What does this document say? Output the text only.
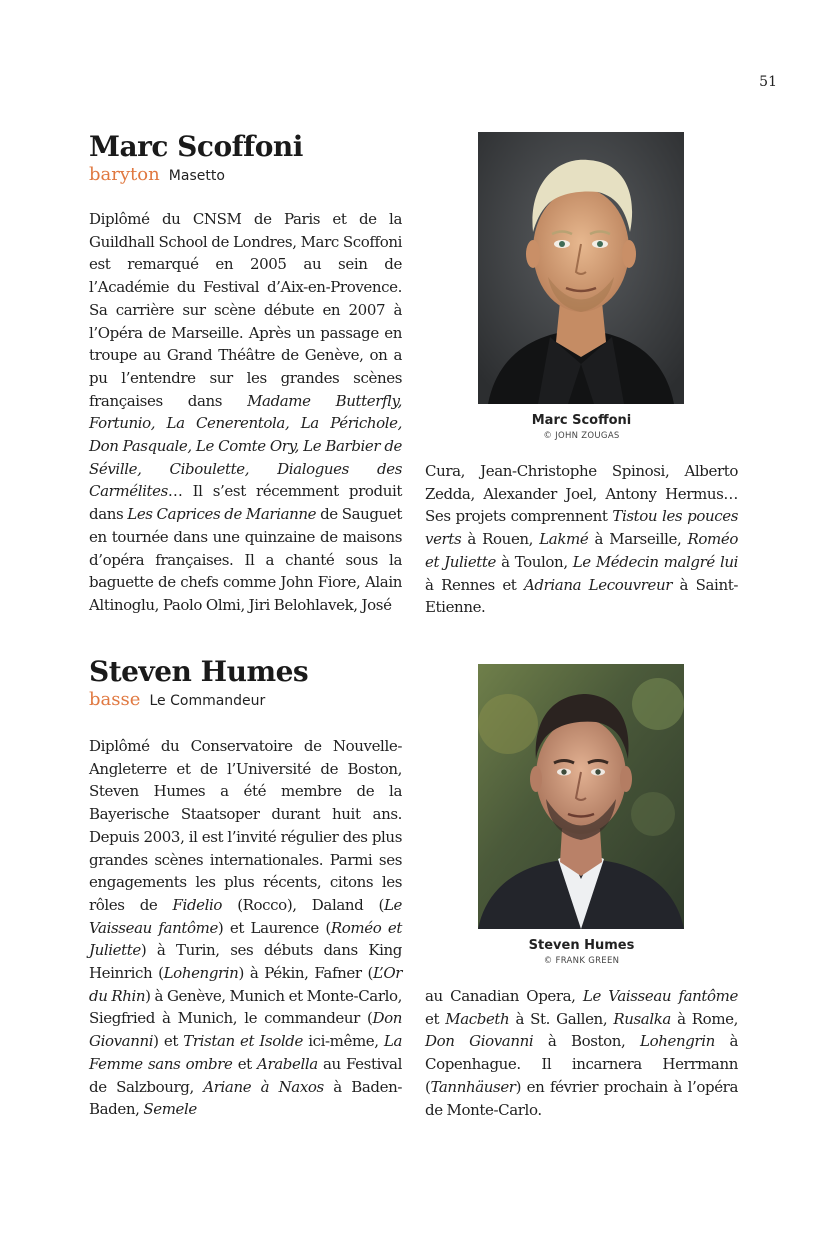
51
Marc Scoffoni
baryton Masetto
Diplômé du CNSM de Paris et de la Guildhall School de Londres, Marc Scoffoni est remarqué en 2005 au sein de l’Académie du Festival d’Aix-en-Provence. Sa carrière sur scène débute en 2007 à l’Opéra de Marseille. Après un passage en troupe au Grand Théâtre de Genève, on a pu l’entendre sur les grandes scènes françaises dans Madame Butterfly, Fortunio, La Cenerentola, La Périchole, Don Pasquale, Le Comte Ory, Le Barbier de Séville, Ciboulette, Dialogues des Carmélites… Il s’est récemment produit dans Les Caprices de Marianne de Sauguet en tournée dans une quinzaine de maisons d’opéra françaises. Il a chanté sous la baguette de chefs comme John Fiore, Alain Altinoglu, Paolo Olmi, Jiri Belohlavek, José
Marc Scoffoni
© JOHN ZOUGAS
Cura, Jean-Christophe Spinosi, Alberto Zedda, Alexander Joel, Antony Hermus… Ses projets comprennent Tistou les pouces verts à Rouen, Lakmé à Marseille, Roméo et Juliette à Toulon, Le Médecin malgré lui à Rennes et Adriana Lecouvreur à Saint-Etienne.
Steven Humes
basse Le Commandeur
Diplômé du Conservatoire de Nouvelle-Angleterre et de l’Université de Boston, Steven Humes a été membre de la Bayerische Staatsoper durant huit ans. Depuis 2003, il est l’invité régulier des plus grandes scènes internationales. Parmi ses engagements les plus récents, citons les rôles de Fidelio (Rocco), Daland (Le Vaisseau fantôme) et Laurence (Roméo et Juliette) à Turin, ses débuts dans King Heinrich (Lohengrin) à Pékin, Fafner (L’Or du Rhin) à Genève, Munich et Monte-Carlo, Siegfried à Munich, le commandeur (Don Giovanni) et Tristan et Isolde ici-même, La Femme sans ombre et Arabella au Festival de Salzbourg, Ariane à Naxos à Baden-Baden, Semele
Steven Humes
© FRANK GREEN
au Canadian Opera, Le Vaisseau fantôme et Macbeth à St. Gallen, Rusalka à Rome, Don Giovanni à Boston, Lohengrin à Copenhague. Il incarnera Herrmann (Tannhäuser) en février prochain à l’opéra de Monte-Carlo.
